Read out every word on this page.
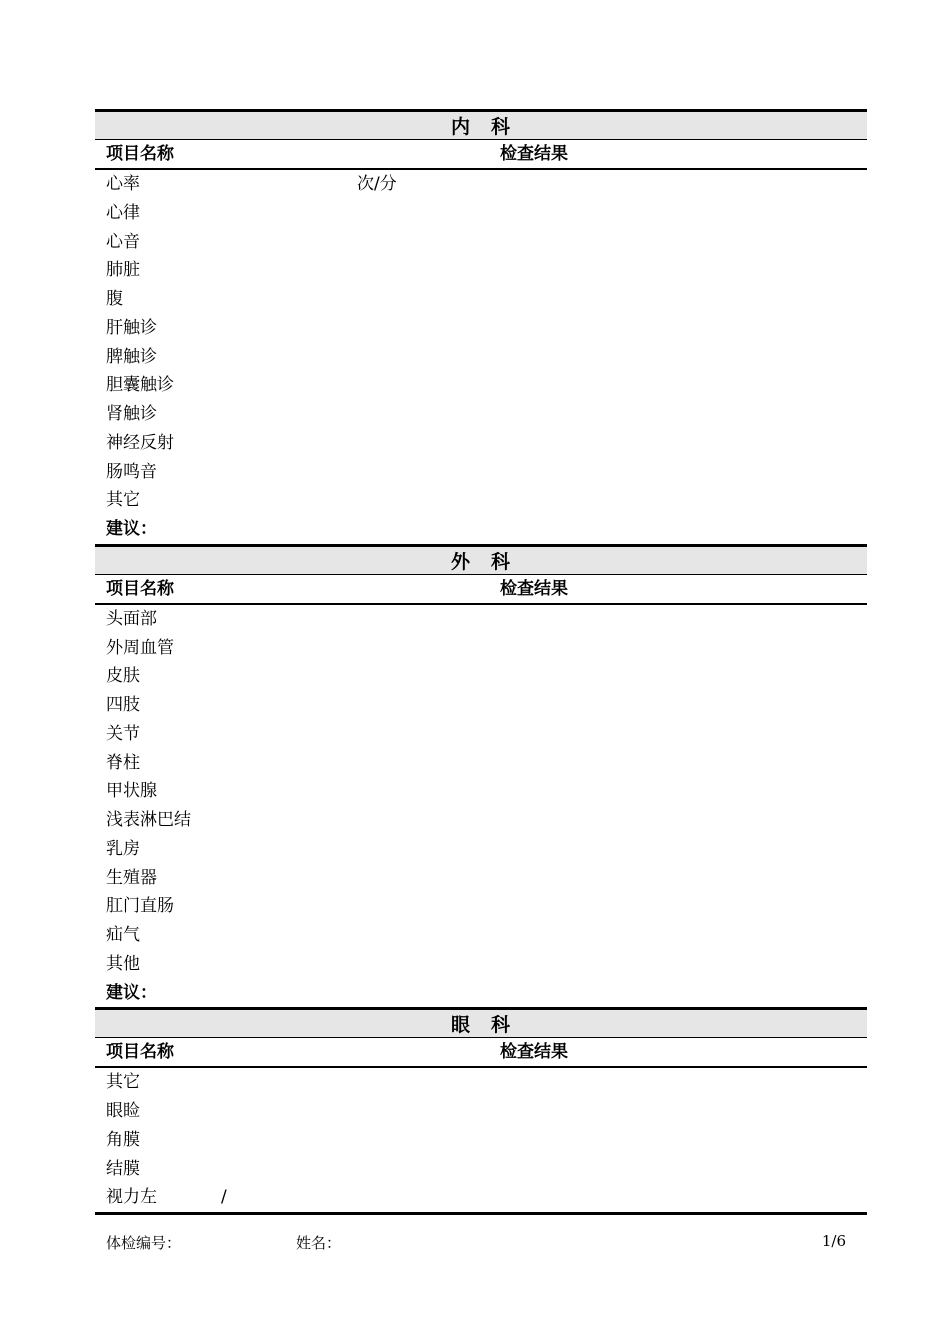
内　科
项目名称	检查结果
心率	次/分
心律
心音
肺脏
腹
肝触诊
脾触诊
胆囊触诊
肾触诊
神经反射
肠鸣音
其它
建议：
外　科
项目名称	检查结果
头面部
外周血管
皮肤
四肢
关节
脊柱
甲状腺
浅表淋巴结
乳房
生殖器
肛门直肠
疝气
其他
建议：
眼　科
项目名称	检查结果
其它
眼睑
角膜
结膜
视力左	/
体检编号：	姓名：	1/6
